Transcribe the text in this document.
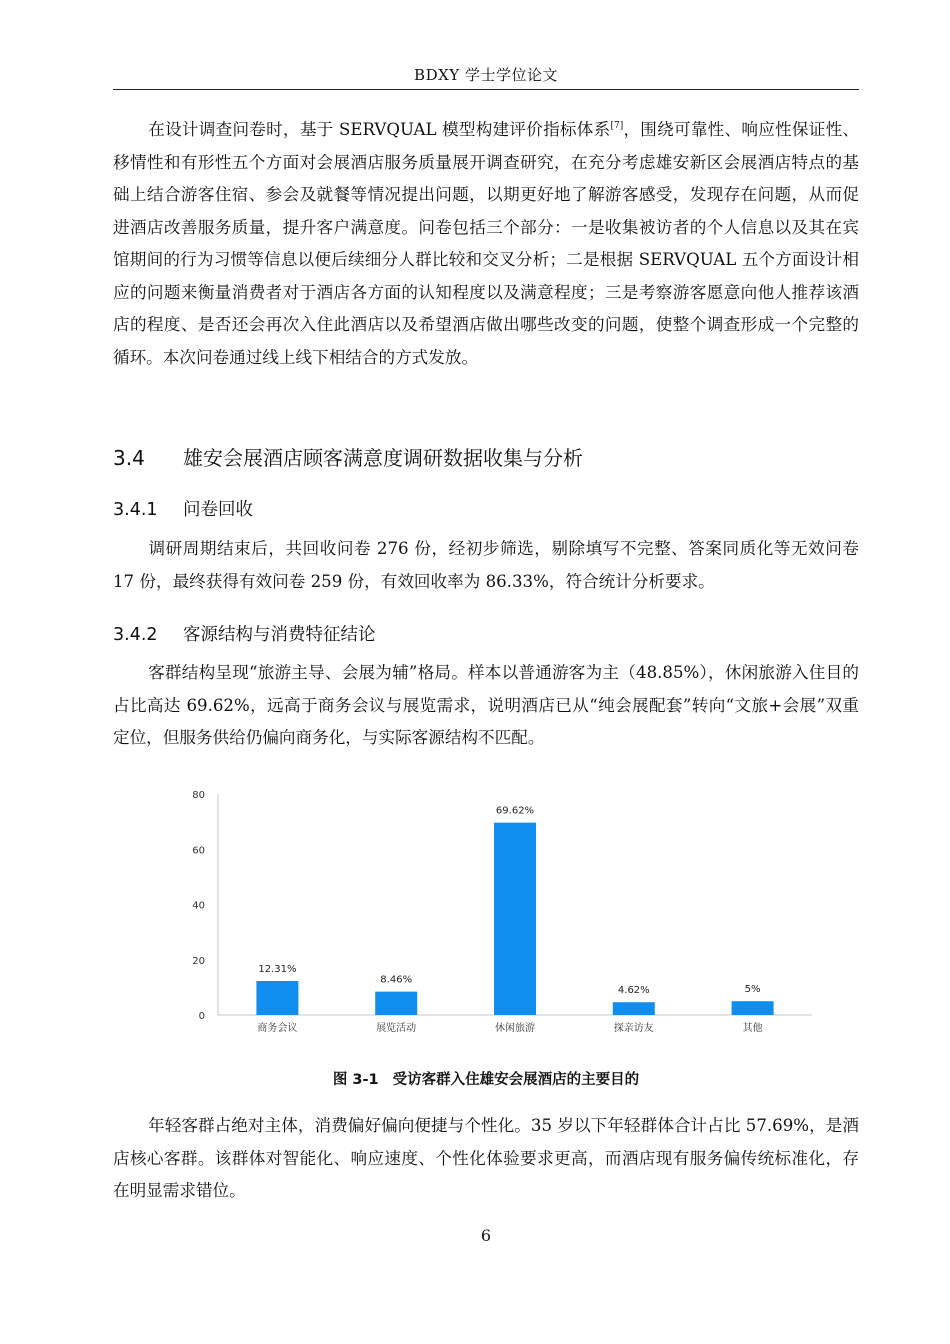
BDXY 学士学位论文

在设计调查问卷时，基于 SERVQUAL 模型构建评价指标体系[7]，围绕可靠性、响应性保证性、移情性和有形性五个方面对会展酒店服务质量展开调查研究，在充分考虑雄安新区会展酒店特点的基础上结合游客住宿、参会及就餐等情况提出问题，以期更好地了解游客感受，发现存在问题，从而促进酒店改善服务质量，提升客户满意度。问卷包括三个部分：一是收集被访者的个人信息以及其在宾馆期间的行为习惯等信息以便后续细分人群比较和交叉分析；二是根据 SERVQUAL 五个方面设计相应的问题来衡量消费者对于酒店各方面的认知程度以及满意程度；三是考察游客愿意向他人推荐该酒店的程度、是否还会再次入住此酒店以及希望酒店做出哪些改变的问题，使整个调查形成一个完整的循环。本次问卷通过线上线下相结合的方式发放。

3.4 雄安会展酒店顾客满意度调研数据收集与分析
3.4.1 问卷回收

调研周期结束后，共回收问卷 276 份，经初步筛选，剔除填写不完整、答案同质化等无效问卷 17 份，最终获得有效问卷 259 份，有效回收率为 86.33%，符合统计分析要求。

3.4.2 客源结构与消费特征结论

客群结构呈现“旅游主导、会展为辅”格局。样本以普通游客为主（48.85%），休闲旅游入住目的占比高达 69.62%，远高于商务会议与展览需求，说明酒店已从“纯会展配套”转向“文旅+会展”双重定位，但服务供给仍偏向商务化，与实际客源结构不匹配。

0
20
40
60
80
12.31%
商务会议
8.46%
展览活动
69.62%
休闲旅游
4.62%
探亲访友
5%
其他
图 3-1 受访客群入住雄安会展酒店的主要目的

年轻客群占绝对主体，消费偏好偏向便捷与个性化。35 岁以下年轻群体合计占比 57.69%，是酒店核心客群。该群体对智能化、响应速度、个性化体验要求更高，而酒店现有服务偏传统标准化，存在明显需求错位。

6
